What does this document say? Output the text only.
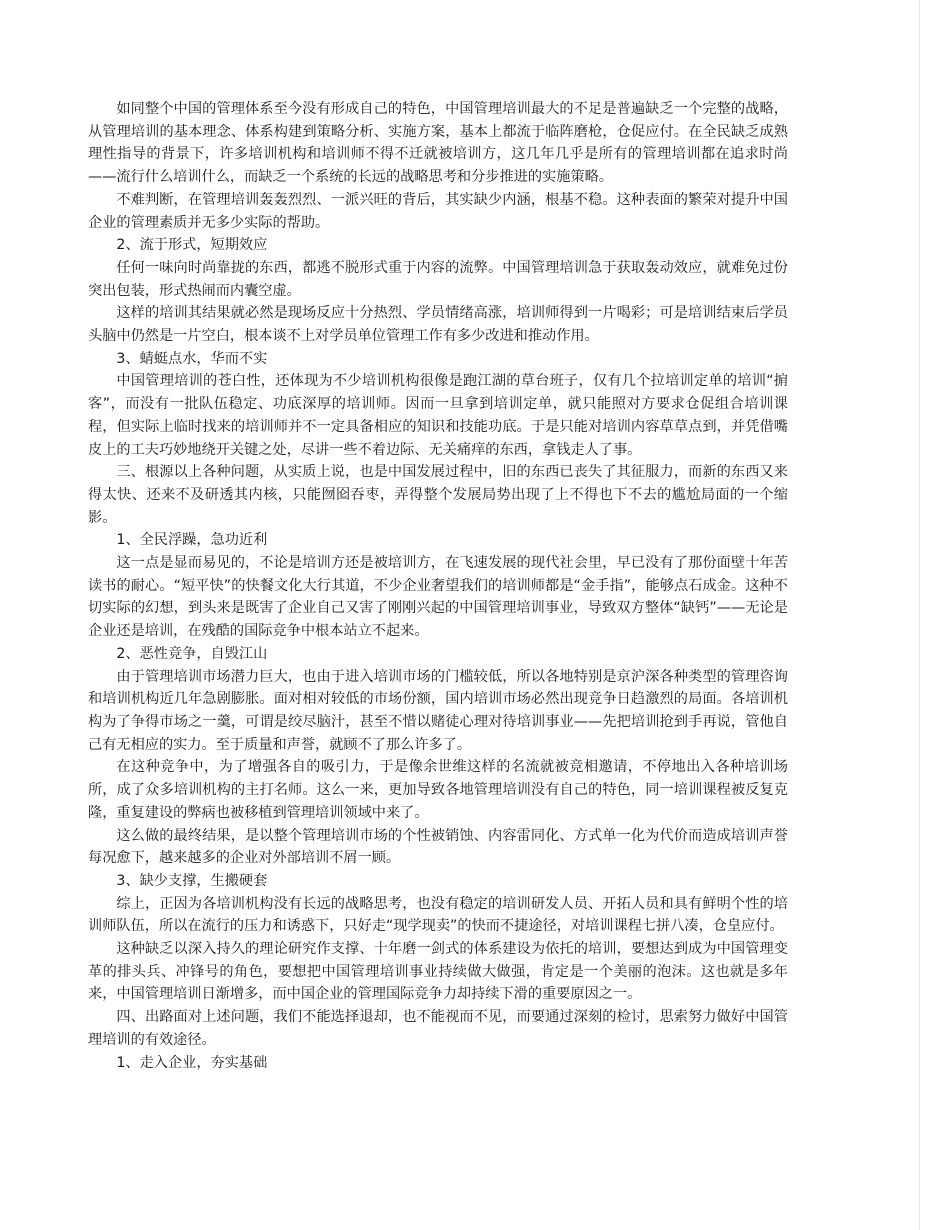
如同整个中国的管理体系至今没有形成自己的特色，中国管理培训最大的不足是普遍缺乏一个完整的战略，从管理培训的基本理念、体系构建到策略分析、实施方案，基本上都流于临阵磨枪，仓促应付。在全民缺乏成熟理性指导的背景下，许多培训机构和培训师不得不迁就被培训方，这几年几乎是所有的管理培训都在追求时尚——流行什么培训什么，而缺乏一个系统的长远的战略思考和分步推进的实施策略。

不难判断，在管理培训轰轰烈烈、一派兴旺的背后，其实缺少内涵，根基不稳。这种表面的繁荣对提升中国企业的管理素质并无多少实际的帮助。

2、流于形式，短期效应

任何一味向时尚靠拢的东西，都逃不脱形式重于内容的流弊。中国管理培训急于获取轰动效应，就难免过份突出包装，形式热闹而内囊空虚。

这样的培训其结果就必然是现场反应十分热烈、学员情绪高涨，培训师得到一片喝彩；可是培训结束后学员头脑中仍然是一片空白，根本谈不上对学员单位管理工作有多少改进和推动作用。

3、蜻蜓点水，华而不实

中国管理培训的苍白性，还体现为不少培训机构很像是跑江湖的草台班子，仅有几个拉培训定单的培训“掮客”，而没有一批队伍稳定、功底深厚的培训师。因而一旦拿到培训定单，就只能照对方要求仓促组合培训课程，但实际上临时找来的培训师并不一定具备相应的知识和技能功底。于是只能对培训内容草草点到，并凭借嘴皮上的工夫巧妙地绕开关键之处，尽讲一些不着边际、无关痛痒的东西，拿钱走人了事。

三、根源以上各种问题，从实质上说，也是中国发展过程中，旧的东西已丧失了其征服力，而新的东西又来得太快、还来不及研透其内核，只能囫囵吞枣，弄得整个发展局势出现了上不得也下不去的尴尬局面的一个缩影。

1、全民浮躁，急功近利

这一点是显而易见的，不论是培训方还是被培训方，在飞速发展的现代社会里，早已没有了那份面壁十年苦读书的耐心。“短平快”的快餐文化大行其道，不少企业奢望我们的培训师都是“金手指”，能够点石成金。这种不切实际的幻想，到头来是既害了企业自己又害了刚刚兴起的中国管理培训事业，导致双方整体“缺钙”——无论是企业还是培训，在残酷的国际竞争中根本站立不起来。

2、恶性竞争，自毁江山

由于管理培训市场潜力巨大，也由于进入培训市场的门槛较低，所以各地特别是京沪深各种类型的管理咨询和培训机构近几年急剧膨胀。面对相对较低的市场份额，国内培训市场必然出现竞争日趋激烈的局面。各培训机构为了争得市场之一羹，可谓是绞尽脑汁，甚至不惜以赌徒心理对待培训事业——先把培训抢到手再说，管他自己有无相应的实力。至于质量和声誉，就顾不了那么许多了。

在这种竞争中，为了增强各自的吸引力，于是像余世维这样的名流就被竞相邀请，不停地出入各种培训场所，成了众多培训机构的主打名师。这么一来，更加导致各地管理培训没有自己的特色，同一培训课程被反复克隆，重复建设的弊病也被移植到管理培训领域中来了。

这么做的最终结果，是以整个管理培训市场的个性被销蚀、内容雷同化、方式单一化为代价而造成培训声誉每况愈下，越来越多的企业对外部培训不屑一顾。

3、缺少支撑，生搬硬套

综上，正因为各培训机构没有长远的战略思考，也没有稳定的培训研发人员、开拓人员和具有鲜明个性的培训师队伍，所以在流行的压力和诱惑下，只好走“现学现卖”的快而不捷途径，对培训课程七拼八凑，仓皇应付。

这种缺乏以深入持久的理论研究作支撑、十年磨一剑式的体系建设为依托的培训，要想达到成为中国管理变革的排头兵、冲锋号的角色，要想把中国管理培训事业持续做大做强，肯定是一个美丽的泡沫。这也就是多年来，中国管理培训日渐增多，而中国企业的管理国际竞争力却持续下滑的重要原因之一。

四、出路面对上述问题，我们不能选择退却，也不能视而不见，而要通过深刻的检讨，思索努力做好中国管理培训的有效途径。

1、走入企业，夯实基础
